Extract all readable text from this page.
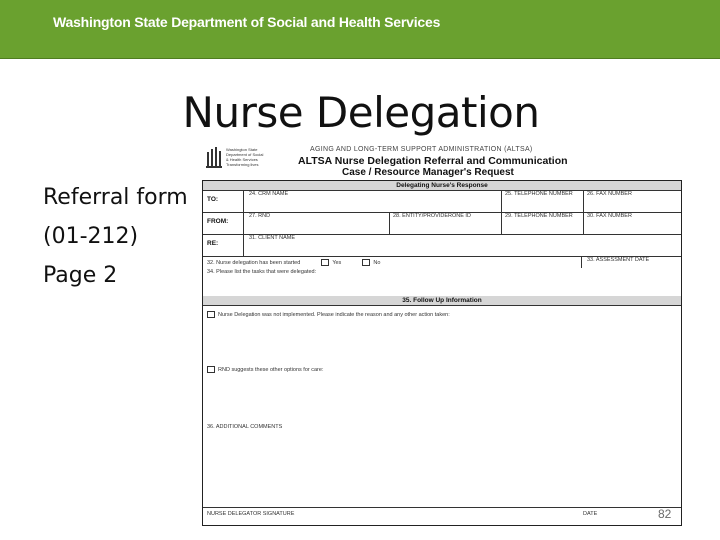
Washington State Department of Social and Health Services
Nurse Delegation
Referral form
(01-212)
Page 2
Washington State
Department of Social
& Health Services
Transforming lives
AGING AND LONG-TERM SUPPORT ADMINISTRATION (ALTSA)
ALTSA Nurse Delegation Referral and Communication
Case / Resource Manager's Request
Delegating Nurse's Response
TO:
24. CRM NAME	25. TELEPHONE NUMBER	26. FAX NUMBER
FROM:
27. RND	28. ENTITY/PROVIDERONE ID	29. TELEPHONE NUMBER	30. FAX NUMBER
RE:
31. CLIENT NAME
32. Nurse delegation has been started	Yes	No	33. ASSESSMENT DATE
34. Please list the tasks that were delegated:
35. Follow Up Information
Nurse Delegation was not implemented. Please indicate the reason and any other action taken:
RND suggests these other options for care:
36. ADDITIONAL COMMENTS
NURSE DELEGATOR SIGNATURE	DATE	82
